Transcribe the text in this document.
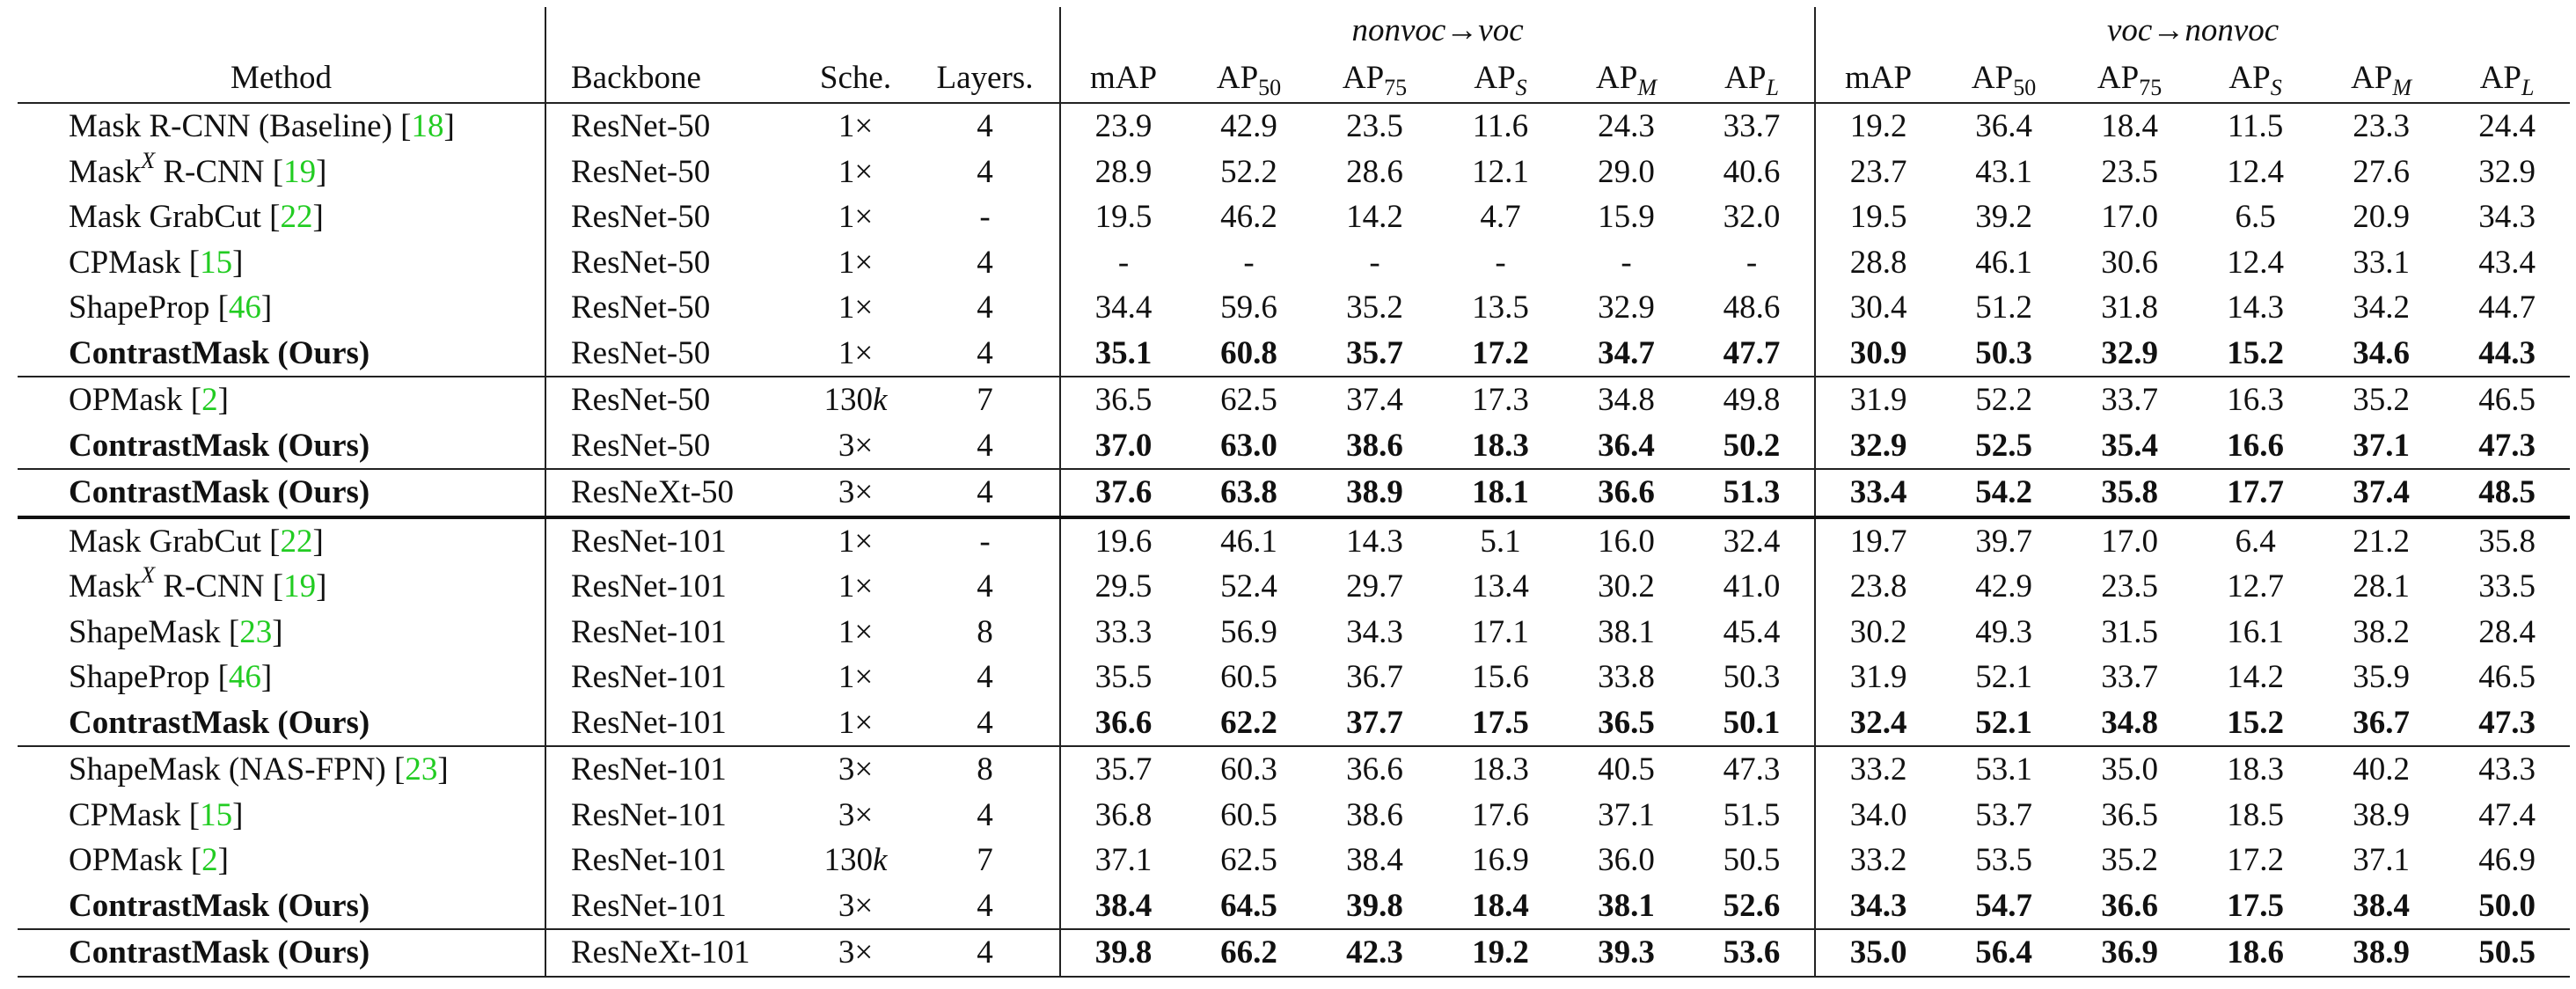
				nonvoc→voc						voc→nonvoc					
Method	Backbone	Sche.	Layers.	mAP	$AP_{50}$	$AP_{75}$	$AP_S$	$AP_M$	$AP_L$	mAP	$AP_{50}$	$AP_{75}$	$AP_S$	$AP_M$	$AP_L$
Mask R-CNN (Baseline) [18]	ResNet-50	1×	4	23.9	42.9	23.5	11.6	24.3	33.7	19.2	36.4	18.4	11.5	23.3	24.4
Mask$^X$ R-CNN [19]	ResNet-50	1×	4	28.9	52.2	28.6	12.1	29.0	40.6	23.7	43.1	23.5	12.4	27.6	32.9
Mask GrabCut [22]	ResNet-50	1×	-	19.5	46.2	14.2	4.7	15.9	32.0	19.5	39.2	17.0	6.5	20.9	34.3
CPMask [15]	ResNet-50	1×	4	-	-	-	-	-	-	28.8	46.1	30.6	12.4	33.1	43.4
ShapeProp [46]	ResNet-50	1×	4	34.4	59.6	35.2	13.5	32.9	48.6	30.4	51.2	31.8	14.3	34.2	44.7
ContrastMask (Ours)	ResNet-50	1×	4	35.1	60.8	35.7	17.2	34.7	47.7	30.9	50.3	32.9	15.2	34.6	44.3
OPMask [2]	ResNet-50	130k	7	36.5	62.5	37.4	17.3	34.8	49.8	31.9	52.2	33.7	16.3	35.2	46.5
ContrastMask (Ours)	ResNet-50	3×	4	37.0	63.0	38.6	18.3	36.4	50.2	32.9	52.5	35.4	16.6	37.1	47.3
ContrastMask (Ours)	ResNeXt-50	3×	4	37.6	63.8	38.9	18.1	36.6	51.3	33.4	54.2	35.8	17.7	37.4	48.5
Mask GrabCut [22]	ResNet-101	1×	-	19.6	46.1	14.3	5.1	16.0	32.4	19.7	39.7	17.0	6.4	21.2	35.8
Mask$^X$ R-CNN [19]	ResNet-101	1×	4	29.5	52.4	29.7	13.4	30.2	41.0	23.8	42.9	23.5	12.7	28.1	33.5
ShapeMask [23]	ResNet-101	1×	8	33.3	56.9	34.3	17.1	38.1	45.4	30.2	49.3	31.5	16.1	38.2	28.4
ShapeProp [46]	ResNet-101	1×	4	35.5	60.5	36.7	15.6	33.8	50.3	31.9	52.1	33.7	14.2	35.9	46.5
ContrastMask (Ours)	ResNet-101	1×	4	36.6	62.2	37.7	17.5	36.5	50.1	32.4	52.1	34.8	15.2	36.7	47.3
ShapeMask (NAS-FPN) [23]	ResNet-101	3×	8	35.7	60.3	36.6	18.3	40.5	47.3	33.2	53.1	35.0	18.3	40.2	43.3
CPMask [15]	ResNet-101	3×	4	36.8	60.5	38.6	17.6	37.1	51.5	34.0	53.7	36.5	18.5	38.9	47.4
OPMask [2]	ResNet-101	130k	7	37.1	62.5	38.4	16.9	36.0	50.5	33.2	53.5	35.2	17.2	37.1	46.9
ContrastMask (Ours)	ResNet-101	3×	4	38.4	64.5	39.8	18.4	38.1	52.6	34.3	54.7	36.6	17.5	38.4	50.0
ContrastMask (Ours)	ResNeXt-101	3×	4	39.8	66.2	42.3	19.2	39.3	53.6	35.0	56.4	36.9	18.6	38.9	50.5
